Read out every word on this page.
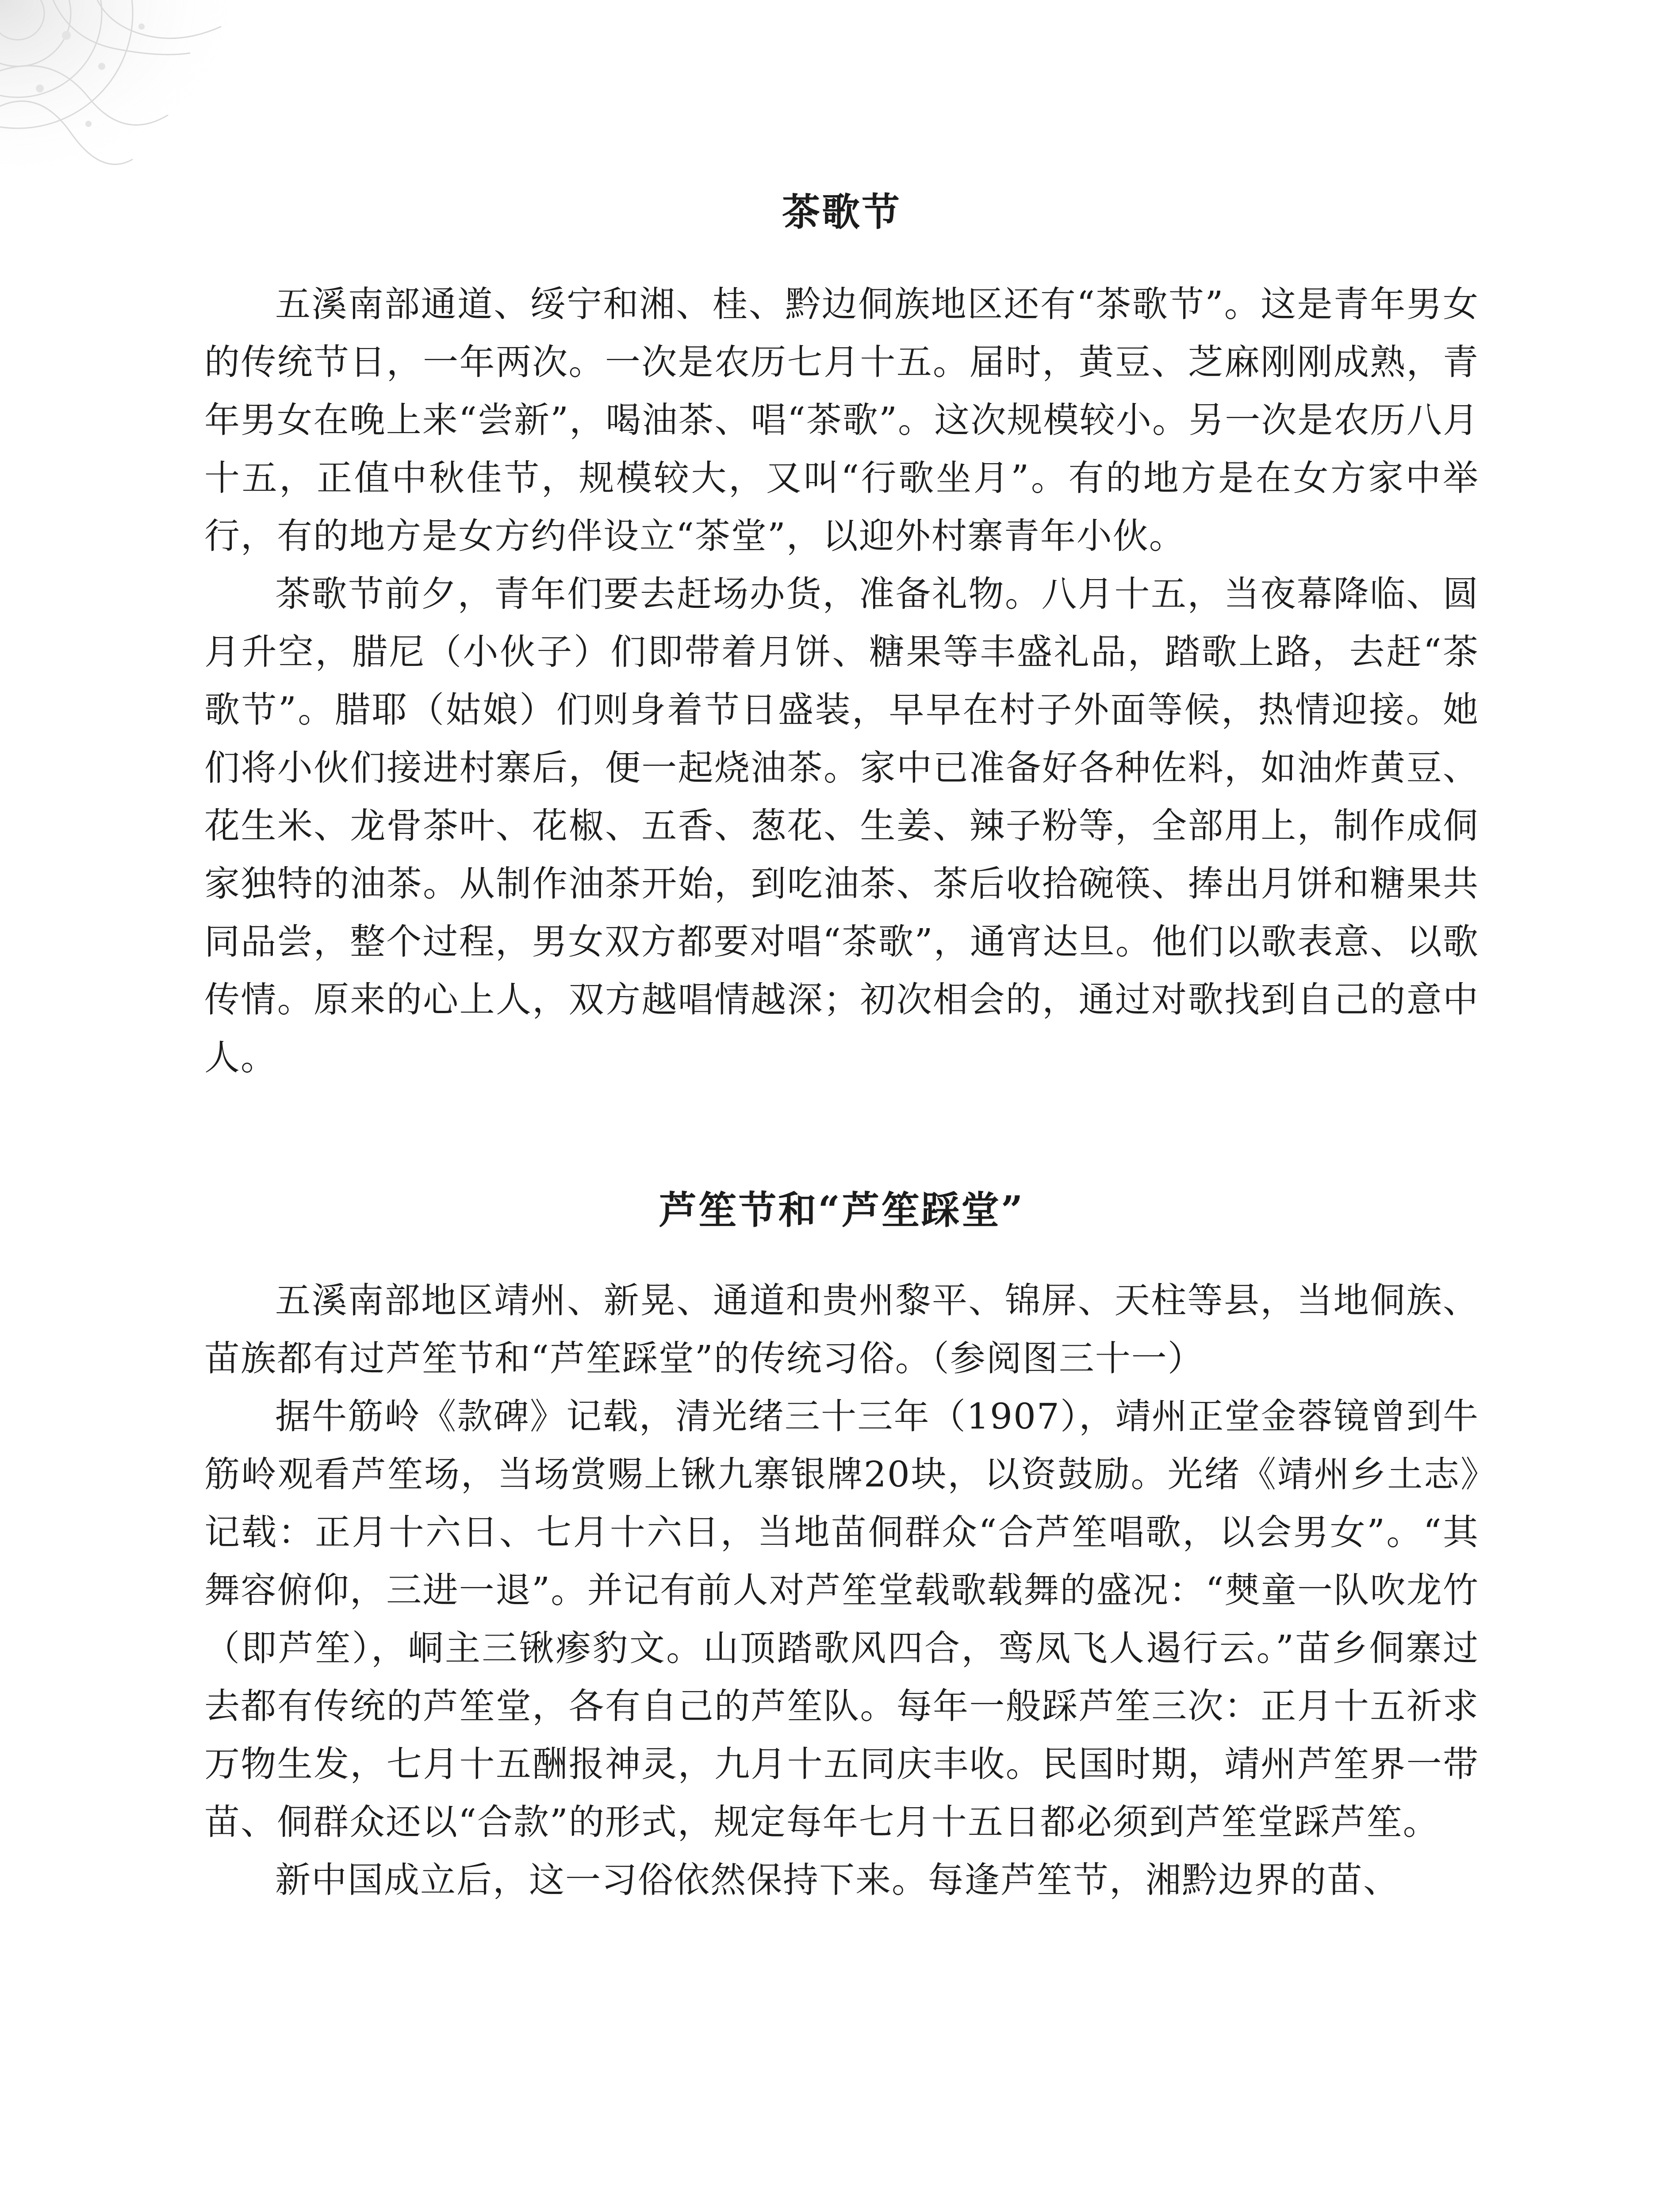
茶歌节

五溪南部通道、绥宁和湘、桂、黔边侗族地区还有“茶歌节”。这是青年男女的传统节日，一年两次。一次是农历七月十五。届时，黄豆、芝麻刚刚成熟，青年男女在晚上来“尝新”，喝油茶、唱“茶歌”。这次规模较小。另一次是农历八月十五，正值中秋佳节，规模较大，又叫“行歌坐月”。有的地方是在女方家中举行，有的地方是女方约伴设立“茶堂”，以迎外村寨青年小伙。

茶歌节前夕，青年们要去赶场办货，准备礼物。八月十五，当夜幕降临、圆月升空，腊尼（小伙子）们即带着月饼、糖果等丰盛礼品，踏歌上路，去赶“茶歌节”。腊耶（姑娘）们则身着节日盛装，早早在村子外面等候，热情迎接。她们将小伙们接进村寨后，便一起烧油茶。家中已准备好各种佐料，如油炸黄豆、花生米、龙骨茶叶、花椒、五香、葱花、生姜、辣子粉等，全部用上，制作成侗家独特的油茶。从制作油茶开始，到吃油茶、茶后收拾碗筷、捧出月饼和糖果共同品尝，整个过程，男女双方都要对唱“茶歌”，通宵达旦。他们以歌表意、以歌传情。原来的心上人，双方越唱情越深；初次相会的，通过对歌找到自己的意中人。

芦笙节和“芦笙踩堂”

五溪南部地区靖州、新晃、通道和贵州黎平、锦屏、天柱等县，当地侗族、苗族都有过芦笙节和“芦笙踩堂”的传统习俗。（参阅图三十一）

据牛筋岭《款碑》记载，清光绪三十三年（1907），靖州正堂金蓉镜曾到牛筋岭观看芦笙场，当场赏赐上锹九寨银牌20块，以资鼓励。光绪《靖州乡土志》记载：正月十六日、七月十六日，当地苗侗群众“合芦笙唱歌，以会男女”。“其舞容俯仰，三进一退”。并记有前人对芦笙堂载歌载舞的盛况：“僰童一队吹龙竹（即芦笙），峒主三锹瘆豹文。山顶踏歌风四合，鸾凤飞人遏行云。”苗乡侗寨过去都有传统的芦笙堂，各有自己的芦笙队。每年一般踩芦笙三次：正月十五祈求万物生发，七月十五酬报神灵，九月十五同庆丰收。民国时期，靖州芦笙界一带苗、侗群众还以“合款”的形式，规定每年七月十五日都必须到芦笙堂踩芦笙。

新中国成立后，这一习俗依然保持下来。每逢芦笙节，湘黔边界的苗、
